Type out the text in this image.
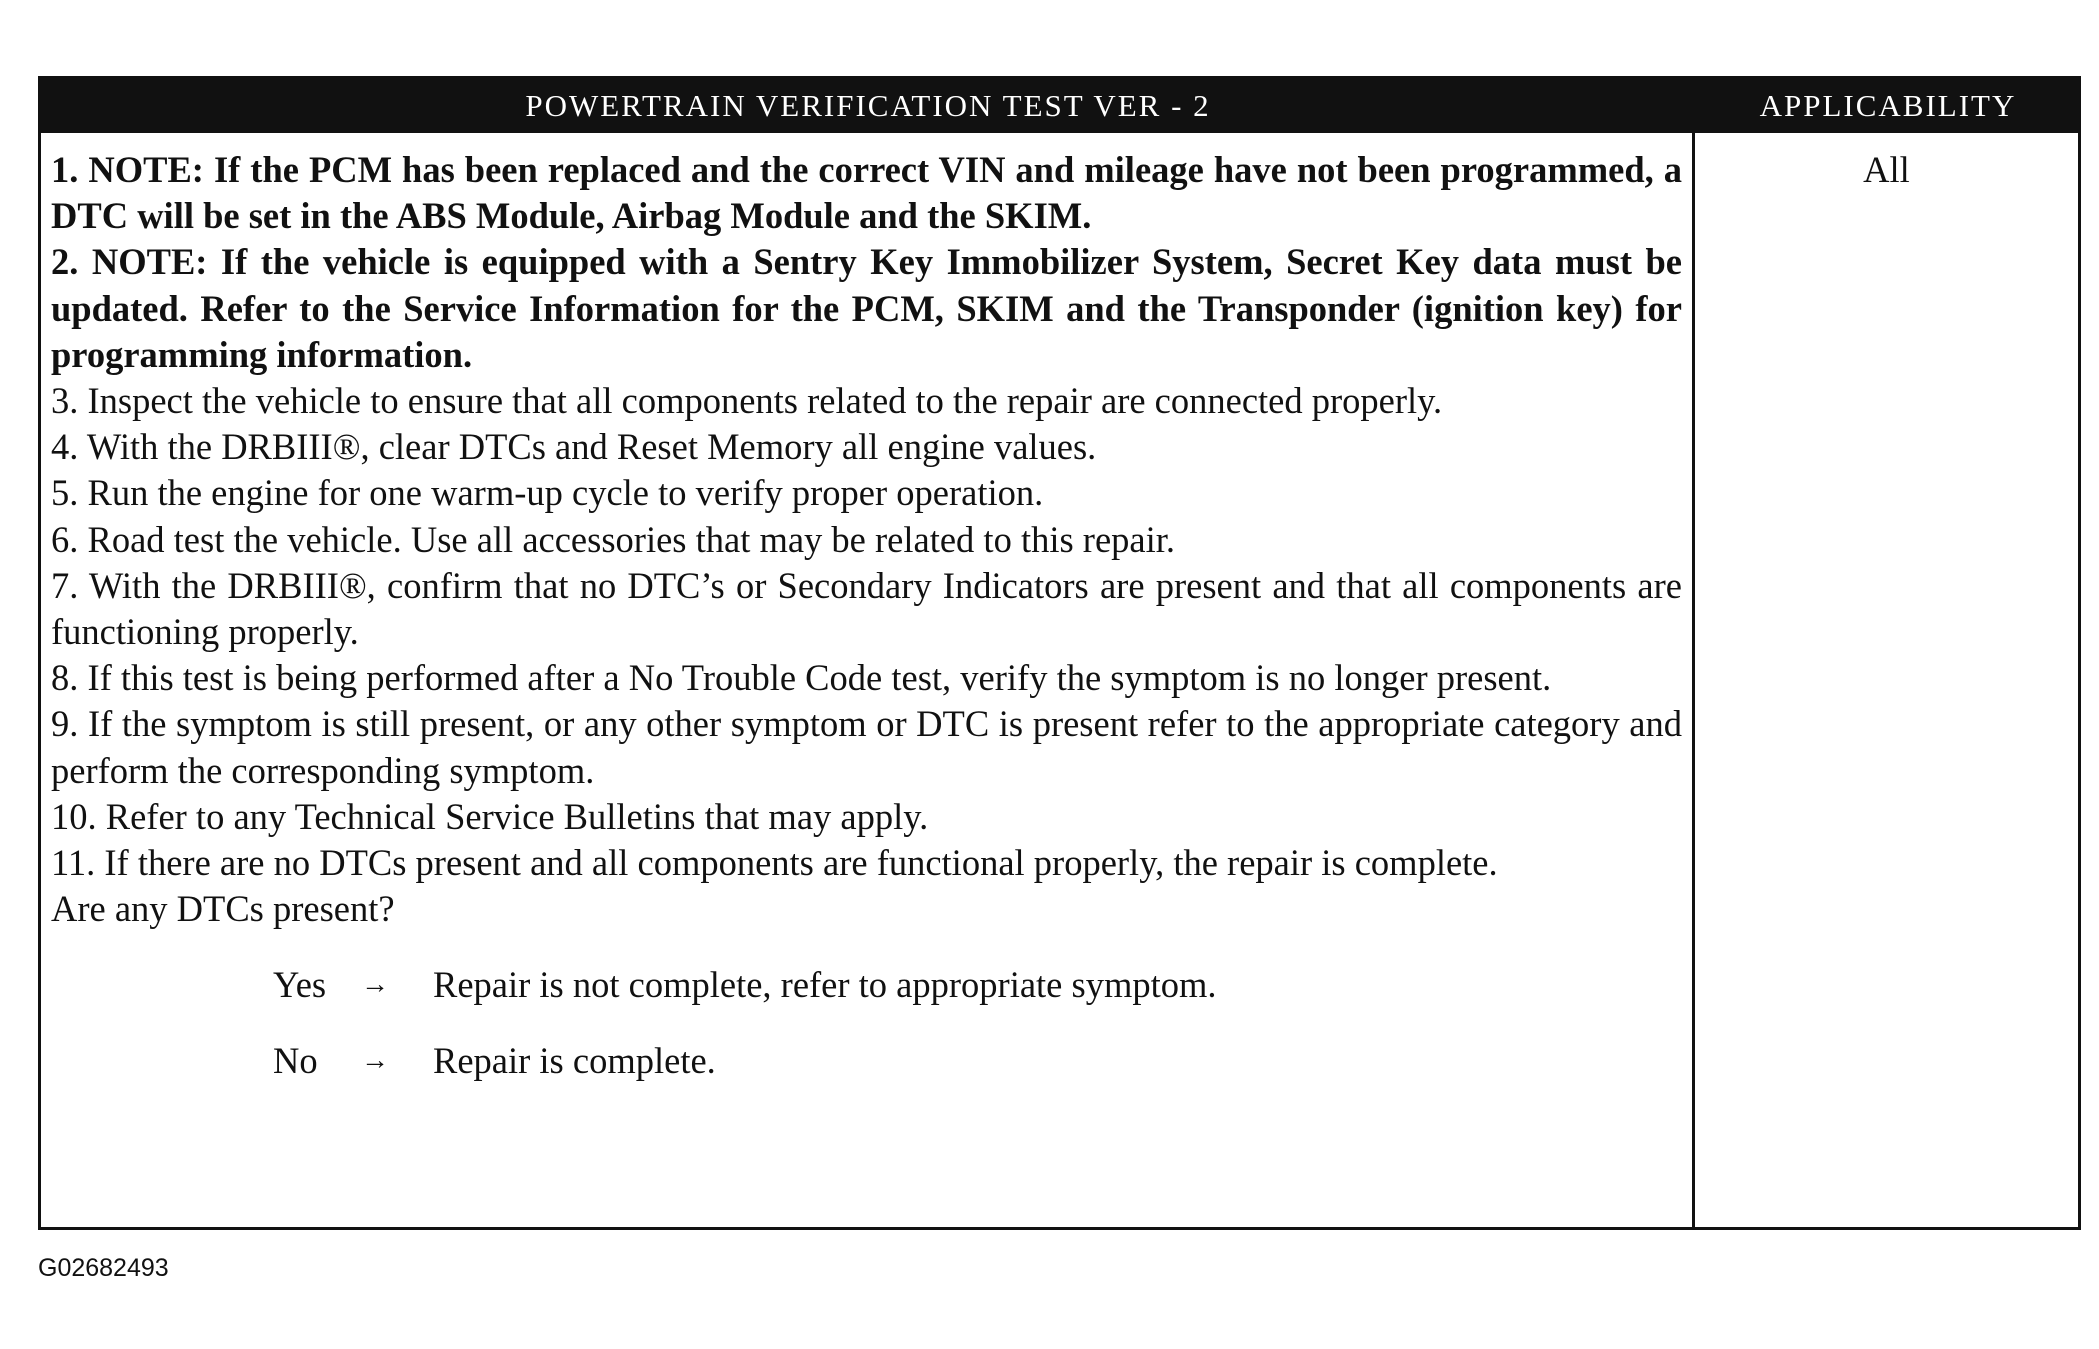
POWERTRAIN VERIFICATION TEST VER - 2	APPLICABILITY

1. NOTE: If the PCM has been replaced and the correct VIN and mileage have not been programmed, a DTC will be set in the ABS Module, Airbag Module and the SKIM.

2. NOTE: If the vehicle is equipped with a Sentry Key Immobilizer System, Secret Key data must be updated. Refer to the Service Information for the PCM, SKIM and the Transponder (ignition key) for programming information.

3. Inspect the vehicle to ensure that all components related to the repair are connected properly.

4. With the DRBIII®, clear DTCs and Reset Memory all engine values.

5. Run the engine for one warm-up cycle to verify proper operation.

6. Road test the vehicle. Use all accessories that may be related to this repair.

7. With the DRBIII®, confirm that no DTC’s or Secondary Indicators are present and that all components are functioning properly.

8. If this test is being performed after a No Trouble Code test, verify the symptom is no longer present.

9. If the symptom is still present, or any other symptom or DTC is present refer to the appropriate category and perform the corresponding symptom.

10. Refer to any Technical Service Bulletins that may apply.

11. If there are no DTCs present and all components are functional properly, the repair is complete.

Are any DTCs present?

Yes	→	Repair is not complete, refer to appropriate symptom.
No	→	Repair is complete.
All
G02682493
